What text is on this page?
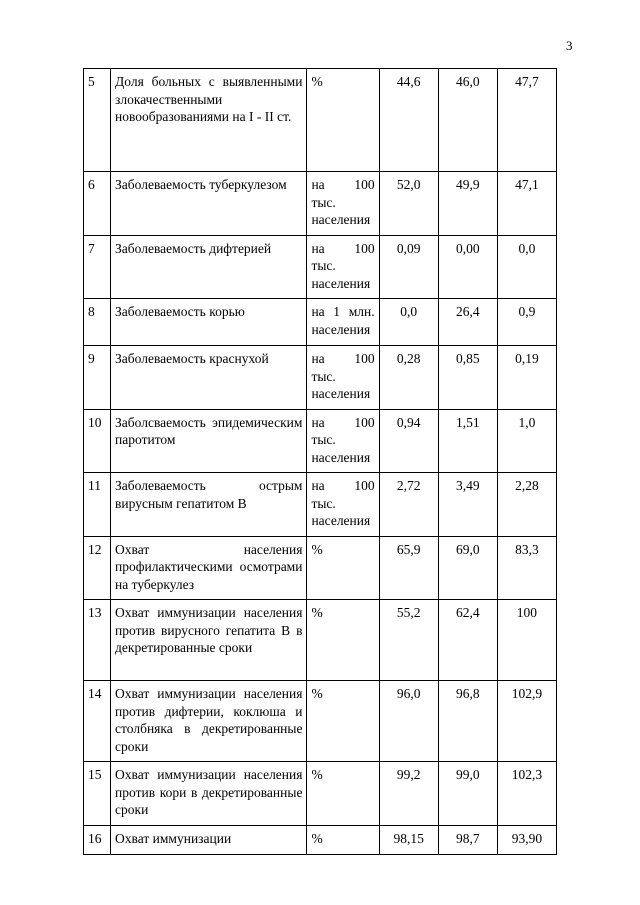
3
5	Доля больных с выявленными злокачественными новообразованиями на I - II ст.	%	44,6	46,0	47,7
6	Заболеваемость туберкулезом	на 100 тыс. населения	52,0	49,9	47,1
7	Заболеваемость дифтерией	на 100 тыс. населения	0,09	0,00	0,0
8	Заболеваемость корью	на 1 млн. населения	0,0	26,4	0,9
9	Заболеваемость краснухой	на 100 тыс. населения	0,28	0,85	0,19
10	Заболсваемость эпидемическим паротитом	на 100 тыс. населения	0,94	1,51	1,0
11	Заболеваемость острым вирусным гепатитом В	на 100 тыс. населения	2,72	3,49	2,28
12	Охват населения профилактическими осмотрами на туберкулез	%	65,9	69,0	83,3
13	Охват иммунизации населения против вирусного гепатита В в декретированные сроки	%	55,2	62,4	100
14	Охват иммунизации населения против дифтерии, коклюша и столбняка в декретированные сроки	%	96,0	96,8	102,9
15	Охват иммунизации населения против кори в декретированные сроки	%	99,2	99,0	102,3
16	Охват иммунизации	%	98,15	98,7	93,90
